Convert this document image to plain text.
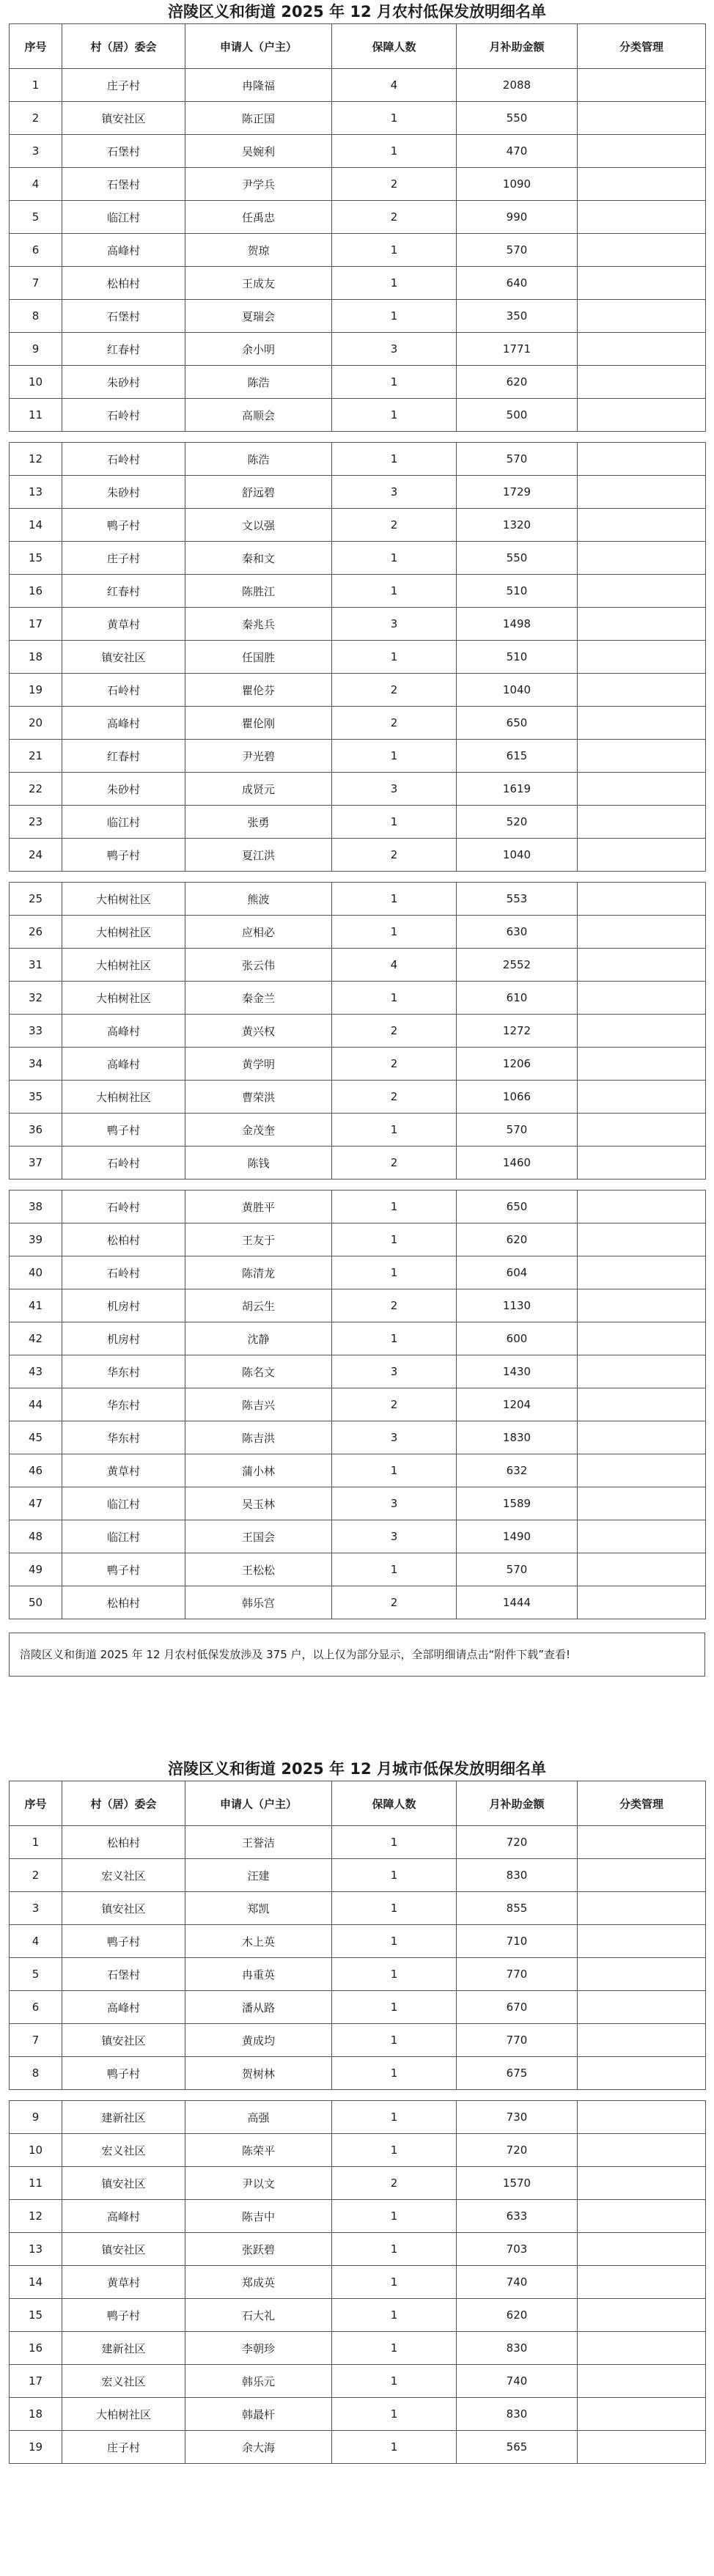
涪陵区义和街道 2025 年 12 月农村低保发放明细名单
序号	村（居）委会	申请人（户主）	保障人数	月补助金额	分类管理
1	庄子村	冉隆福	4	2088	
2	镇安社区	陈正国	1	550	
3	石堡村	吴婉利	1	470	
4	石堡村	尹学兵	2	1090	
5	临江村	任禹忠	2	990	
6	高峰村	贺琼	1	570	
7	松柏村	王成友	1	640	
8	石堡村	夏瑞会	1	350	
9	红春村	余小明	3	1771	
10	朱砂村	陈浩	1	620	
11	石岭村	高顺会	1	500	

12	石岭村	陈浩	1	570	
13	朱砂村	舒远碧	3	1729	
14	鸭子村	文以强	2	1320	
15	庄子村	秦和文	1	550	
16	红春村	陈胜江	1	510	
17	黄草村	秦兆兵	3	1498	
18	镇安社区	任国胜	1	510	
19	石岭村	瞿伦芬	2	1040	
20	高峰村	瞿伦刚	2	650	
21	红春村	尹光碧	1	615	
22	朱砂村	成贤元	3	1619	
23	临江村	张勇	1	520	
24	鸭子村	夏江洪	2	1040	

25	大柏树社区	熊波	1	553	
26	大柏树社区	应相必	1	630	
31	大柏树社区	张云伟	4	2552	
32	大柏树社区	秦金兰	1	610	
33	高峰村	黄兴权	2	1272	
34	高峰村	黄学明	2	1206	
35	大柏树社区	曹荣洪	2	1066	
36	鸭子村	金茂奎	1	570	
37	石岭村	陈钱	2	1460	

38	石岭村	黄胜平	1	650	
39	松柏村	王友于	1	620	
40	石岭村	陈清龙	1	604	
41	机房村	胡云生	2	1130	
42	机房村	沈静	1	600	
43	华东村	陈名文	3	1430	
44	华东村	陈吉兴	2	1204	
45	华东村	陈吉洪	3	1830	
46	黄草村	蒲小林	1	632	
47	临江村	吴玉林	3	1589	
48	临江村	王国会	3	1490	
49	鸭子村	王松松	1	570	
50	松柏村	韩乐宫	2	1444	
涪陵区义和街道 2025 年 12 月农村低保发放涉及 375 户，以上仅为部分显示，全部明细请点击“附件下载”查看!
涪陵区义和街道 2025 年 12 月城市低保发放明细名单
序号	村（居）委会	申请人（户主）	保障人数	月补助金额	分类管理
1	松柏村	王誉洁	1	720	
2	宏义社区	汪建	1	830	
3	镇安社区	郑凯	1	855	
4	鸭子村	木上英	1	710	
5	石堡村	冉重英	1	770	
6	高峰村	潘从路	1	670	
7	镇安社区	黄成均	1	770	
8	鸭子村	贺树林	1	675	

9	建新社区	高强	1	730	
10	宏义社区	陈荣平	1	720	
11	镇安社区	尹以文	2	1570	
12	高峰村	陈吉中	1	633	
13	镇安社区	张跃碧	1	703	
14	黄草村	郑成英	1	740	
15	鸭子村	石大礼	1	620	
16	建新社区	李朝珍	1	830	
17	宏义社区	韩乐元	1	740	
18	大柏树社区	韩最杆	1	830	
19	庄子村	余大海	1	565	
